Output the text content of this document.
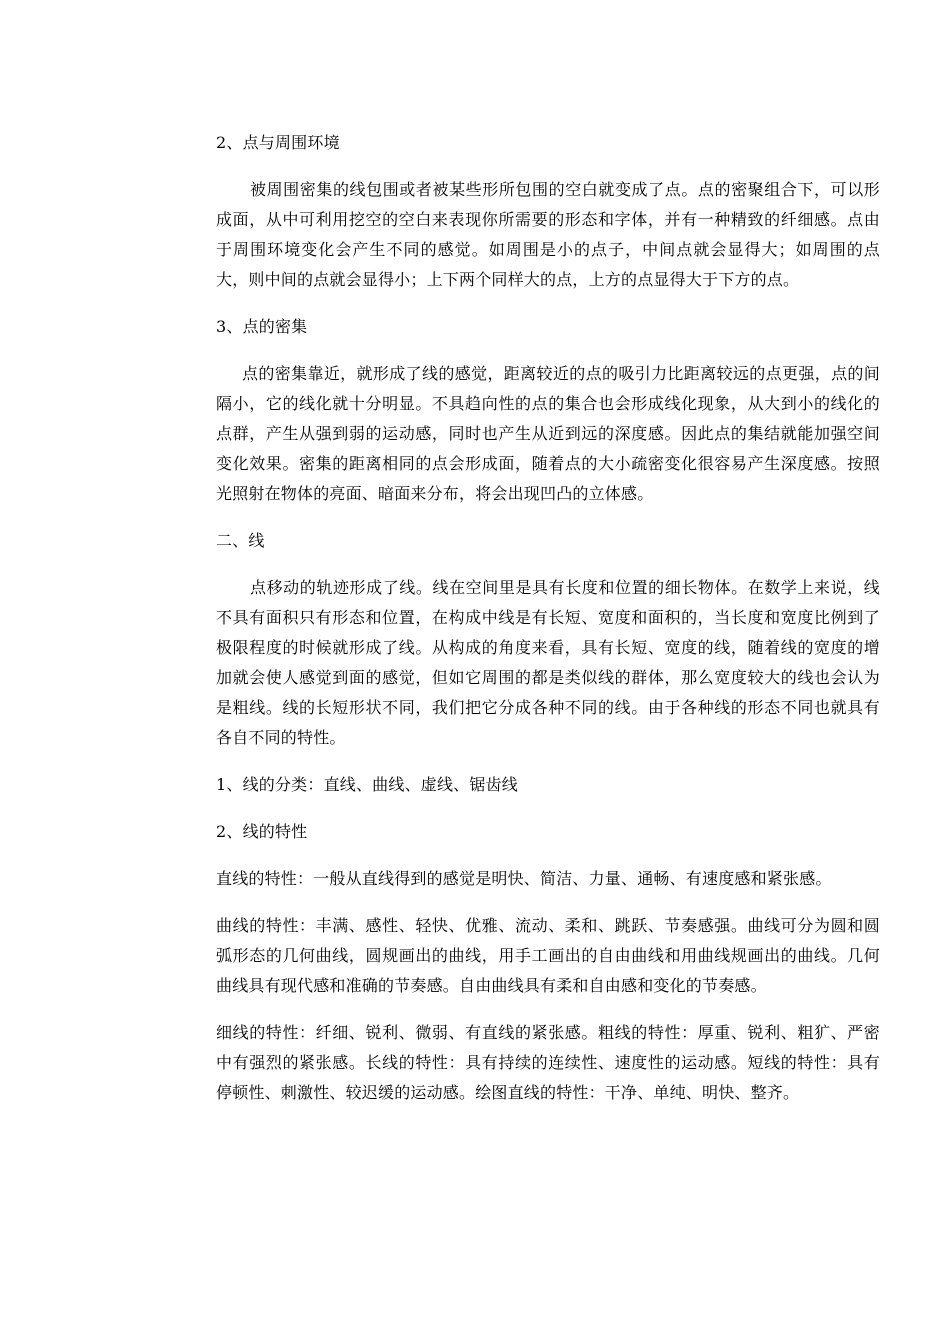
2、点与周围环境

被周围密集的线包围或者被某些形所包围的空白就变成了点。点的密聚组合下，可以形成面，从中可利用挖空的空白来表现你所需要的形态和字体，并有一种精致的纤细感。点由于周围环境变化会产生不同的感觉。如周围是小的点子，中间点就会显得大；如周围的点大，则中间的点就会显得小；上下两个同样大的点，上方的点显得大于下方的点。

3、点的密集

点的密集靠近，就形成了线的感觉，距离较近的点的吸引力比距离较远的点更强，点的间隔小，它的线化就十分明显。不具趋向性的点的集合也会形成线化现象，从大到小的线化的点群，产生从强到弱的运动感，同时也产生从近到远的深度感。因此点的集结就能加强空间变化效果。密集的距离相同的点会形成面，随着点的大小疏密变化很容易产生深度感。按照光照射在物体的亮面、暗面来分布，将会出现凹凸的立体感。

二、线

点移动的轨迹形成了线。线在空间里是具有长度和位置的细长物体。在数学上来说，线不具有面积只有形态和位置，在构成中线是有长短、宽度和面积的，当长度和宽度比例到了极限程度的时候就形成了线。从构成的角度来看，具有长短、宽度的线，随着线的宽度的增加就会使人感觉到面的感觉，但如它周围的都是类似线的群体，那么宽度较大的线也会认为是粗线。线的长短形状不同，我们把它分成各种不同的线。由于各种线的形态不同也就具有各自不同的特性。

1、线的分类：直线、曲线、虚线、锯齿线

2、线的特性

直线的特性：一般从直线得到的感觉是明快、简洁、力量、通畅、有速度感和紧张感。

曲线的特性：丰满、感性、轻快、优雅、流动、柔和、跳跃、节奏感强。曲线可分为圆和圆弧形态的几何曲线，圆规画出的曲线，用手工画出的自由曲线和用曲线规画出的曲线。几何曲线具有现代感和准确的节奏感。自由曲线具有柔和自由感和变化的节奏感。

细线的特性：纤细、锐利、微弱、有直线的紧张感。粗线的特性：厚重、锐利、粗犷、严密中有强烈的紧张感。长线的特性：具有持续的连续性、速度性的运动感。短线的特性：具有停顿性、刺激性、较迟缓的运动感。绘图直线的特性：干净、单纯、明快、整齐。
